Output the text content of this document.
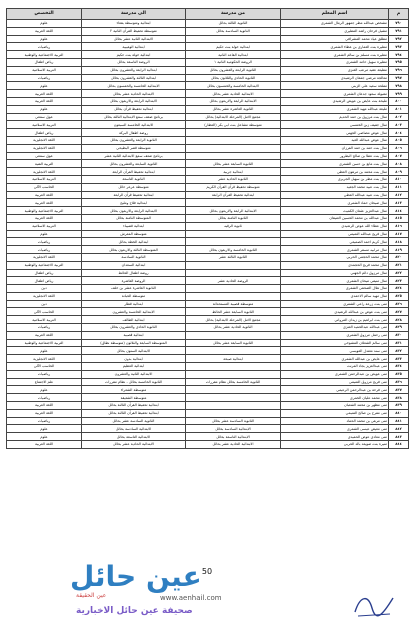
م	اسم المعلم	من مدرسة	الى مدرسة	التخصص
٧٩٠	مشخص عبدالله مطر جمهور الرمال الشمري	الثانوية الثالثة بحائل	ابتدائية ومتوسطة بقعاء	علوم
٧٩١	مشيل فرحان راشد المطيري	الثانوية السادسة بحائل	متوسطة تحفيظ القرآن الثانية ٢	اللغة العربية
٧٩٢	مطلق عياد محمد المشرافي		الابتدائية الثانية عشر بحائل	علوم
٧٩٣	مطيرة بنت العماري بن عطاء الشمري	ابتدائية خولة بنت حكيم	ابتدائية الوهيبية	رياضيات
٧٩٤	مطيرة بنت مسلم بن سالم الشمري	ابتدائية القاعد الثانية	ابتدائية خولة بنت حكيم	التربية الاجتماعية والوطنية
٧٩٥	مطيرة سهيل حامد الشمري	الروضة الحكومية الثانية ١	الروضة التاسعة بحائل	رياض اطفال
٧٩٦	مطيعة عقيد مرعب العنزي	الثانوية الرابعة والعشرون بحائل	ابتدائية الرابعة والعشرون بحائل	التربية الاسلامية
٧٩٧	معالجة مرضي جمعان الرشيدي	الثانوية الحادي والثلاثون بحائل	ابتدائية الثالثة والعشرون بحائل	رياضيات
٧٩٨	مفلحة سعيد علي الزبني	الابتدائية الخامسة والخمسون بحائل	الابتدائية الخامسة والخمسون بحائل	علوم
٧٩٩	مقبولة سعود جدعان الشمري	الابتدائية الحادية عشر بحائل	الابتدائية الحادية عشر بحائل	اللغة العربية
٨٠٠	مليحة بنت عايض بن عويض الرشيدي	الابتدائية الرابعة والاربعون بحائل	الابتدائية الرابعة والاربعون بحائل	اللغة العربية
٨٠١	مليعة عبدالله مهيد الشمري	الثانوية العاشرة عشر بحائل	ابتدائية تحفيظ قرآن بحائل	علوم
٨٠٢	منال بنت مرزوق بن حمد الحديم	مجمع الامل (المرحلة الابتدائية) بحائل	برنامج ضعف سمع الابتدائية الثالثة بحائل	عوق سمعي
٨٠٣	منال جفيف زبن الخمسي	متوسطة مشاعل بنت ابي بكر (العطار)	الابتدائية الخامسة السبعون	التربية الاسلامية
٨٠٤	منال عوض مضاضي الجهني		روضة اطفال البركة	رياض اطفال
٨٠٥	منال عوض عبدالله العيد		الثانوية الرابعة والعشرون بحائل	اللغة الانجليزية
٨٠٦	منال بنت حمد بن حمد الفرزان		متوسطة قصر البطيحي	اللغة الانجليزية
٨٠٧	منال بنت عطا بن صالح البطرور		برنامج ضعف سمع الابتدائية الثانية عشر	عوق سمعي
٨٠٨	منال بنت مانع بن حسن الشمري	الثانوية السابعة عشر بحائل	الثانوية السابعة والعشرون بحائل	التربية الفنية
٨٠٩	منال بنت محمد بن مرهون العطي	ابتدائية جريبة	ابتدائية تحفيظ القرآن الرابعة	اللغة الانجليزية
٨١٠	منال بنت مطر بن سهيل الجريري	الثانوية الحادية عشر	الثانوية التاسعة	التربية الاسلامية
٨١١	منال بنت عبيد محمد الجعيد	متوسطة تحفيظ قرآن القرآن الكريم	متوسطة عرعر حائل	الحاسب الآلي
٨١٢	منال بنت عبيد عبدالله العطي	ابتدائية تحفيظ القرآن الرابعة	ابتدائية تحفيظ قرآن الرابعة	اللغة العربية
٨١٣	منال صيحان حماد الشمري		ابتدائية فلاح ومليح	اللغة العربية
٨١٤	منال عبدالعزيز عثمان الكميث	الابتدائية الرابعة والاربعون بحائل	الابتدائية الرابعة والاربعون بحائل	التربية الاجتماعية والوطنية
٨١٥	منال عبدالله بن محمد الحسين العنيقان	الثانوية الثامنة بحائل	المتوسطة الثامنة بحائل	اللغة العربية
٨١٦	منال عطاء الله عوض الرشيدي	ثانوية الرقيه	ابتدائية قصيباء	التربية الاسلامية
٨١٧	منال فريح عبدالله التميمي		متوسطة المعرش	علوم
٨١٨	منال كريم احمد الصميعي		ابتدائية الخطة بحائل	رياضيات
٨١٩	منال مرابيه مسفر الشمري	الثانوية الخامسة والاربعون بحائل	المتوسطة الثالثة والاربعون بحائل	رياضيات
٨٢٠	منال محمد الحجمي الحربي	الثانوية الثالثة عشر	الثانوية السادسة	اللغة الانجليزية
٨٢١	منال محمد فريح الحجمدي		ابتدائية السعدان	التربية الاجتماعية والوطنية
٨٢٢	منال مرزوق دائم الجهني		روضة اطفال الحائط	رياض اطفال
٨٢٣	منال منيفي تنيحان الشمري	الروضة الحادية عشر	الروضة العاشرة	رياض اطفال
٨٢٤	منال هلال الصحفي الشمري		الثانوية العاشرة عشر بن خلف	دين
٨٢٥	منال مهيد سالم الاحمدي		متوسطة الحبانة	اللغة الانجليزية
٨٢٦	منى بنت زرعة راعي الشمري	متوسطة قصيبة المستحداثة	ابتدائية قطار	دين
٨٢٧	منى بنت عوض بن عبدالله الرشيدي	الثانوية السابعة عشر الحائط	الابتدائية الخامسة والعشرون	الحاسب الآلي
٨٢٨	منى بنت ابراهيم بن زيدان المرواني	مجمع الامل (المرحلة الابتدائية) بحائل	ابتدائية الطائف	التربية الاسلامية
٨٢٩	منى عبدالله عبدالحميد العنزي	الثانوية الحادية عشر بحائل	الثانوية الحادي والعشرون بحائل	رياضيات
٨٣٠	منى رحمل مرزوق الشمري		ابتدائية قصيبة	اللغة العربية
٨٣١	منى سالم الشعلان المشوخي	الثانوية السابعة عشر بحائل	المتوسطة السابعة والثلاثون (متوسطة نطاق)	التربية الاجتماعية والوطنية
٨٣٢	منى سند معتدل العويسي		الابتدائية الستون بحائل	علوم
٨٣٣	منى عايض بن عبدالله الشمري	ابتدائية صبحة	ابتدائية بدون	اللغة الانجليزية
٨٣٤	منى عبدالعزيز بجاد المرنت		ابتدائية العظيم	الحاسب الآلي
٨٣٥	منى عويض بن عبدالرحمن الشمري		الابتدائية الثانية والعشرون	رياضيات
٨٣٦	منى فريح مرزوق التميمي	الثانوية الخامسة بحائل نظام مقررات	الثانوية الخامسة بحائل - نظام مقررات	علم الاجتماع
٨٣٧	منى فرحة بن عبدالرحمن الرعيمي		متوسطة الشعراء	علوم
٨٣٨	منى محمد عليان الخمري		متوسطة الشعيقة	رياضيات
٨٣٩	منى مظهر بن محمد الشعبان		ابتدائية تحفيظ القرآن الثالثة بحائل	اللغة العربية
٨٤٠	منى مفرح بن صالح التميمي		ابتدائية تحفيظ القرآن الثالثة بحائل	اللغة العربية
٨٤١	منى مرهي بن محمد الحماد	الثانوية السادسة عشر بحائل	الثانوية السادسة عشر بحائل	رياضيات
٨٤٢	منى معيض عيسى الشمري	الابتدائية السادسة بحائل	الابتدائية السادسة بحائل	علوم
٨٤٣	منى معادي عوض الحميدي	الابتدائية التاسعة بحائل	الابتدائية التاسعة بحائل	علوم
٨٤٤	منيرة بنت صويعد بالد الحربي	الابتدائية الحادية عشر بحائل	الابتدائية الحادية عشر بحائل	اللغة العربية
50
عين حائل
عين الحقيقة	www.aenhail.com
صحيفة عين حائل الاخبارية
